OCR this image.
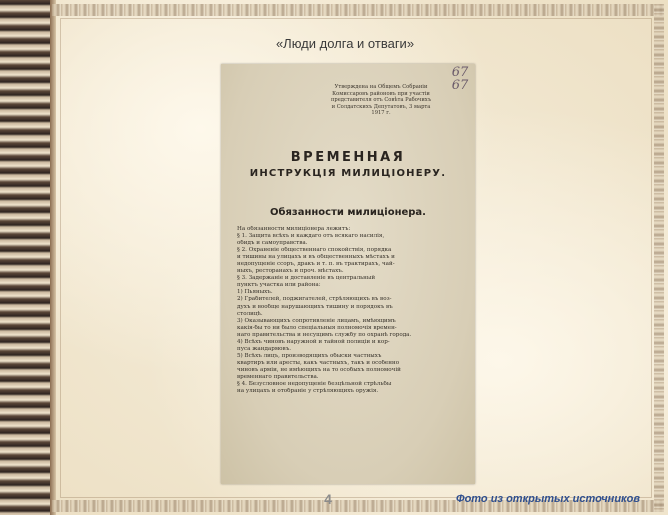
«Люди долга и отваги»
67 67
Утверждена на Общемъ Собраніи
Комиссаровъ районовъ при участіи
представителя отъ Совѣта Рабочихъ
и Солдатскихъ Депутатовъ, 3 марта
1917 г.
ВРЕМЕННАЯ
ИНСТРУКЦІЯ МИЛИЦІОНЕРУ.
Обязанности милиціонера.

На обязанности милиціонера лежитъ:

§ 1. Защита всѣхъ и каждаго отъ всякаго насилія,

обидъ и самоуправства.

§ 2. Охраненіе общественнаго спокойствія, порядка

и тишины на улицахъ и въ общественныхъ мѣстахъ и

недопущеніе ссоръ, дракъ и т. п. въ трактирахъ, чай-

ныхъ, ресторанахъ и проч. мѣстахъ.

§ 3. Задержаніе и доставленіе въ центральный

пунктъ участка или района:

1) Пьяныхъ.

2) Грабителей, поджигателей, стрѣляющихъ въ воз-

духъ и вообще нарушающихъ тишину и порядокъ въ

столицѣ.

3) Оказывающихъ сопротивленіе лицамъ, имѣющимъ

какія-бы то ни было спеціальныя полномочія времен-

наго правительства и несущимъ службу по охранѣ города.

4) Всѣхъ чиновъ наружной и тайной полиціи и кор-

пуса жандармовъ.

5) Всѣхъ лицъ, производящихъ обыски частныхъ

квартиръ или аресты, какъ частныхъ, такъ и особенно

чиновъ арміи, не имѣющихъ на то особыхъ полномочій

временнаго правительства.

§ 4. Безусловное недопущеніе безцѣльной стрѣльбы

на улицахъ и отобраніе у стрѣляющихъ оружія.

4	Фото из открытых источников
